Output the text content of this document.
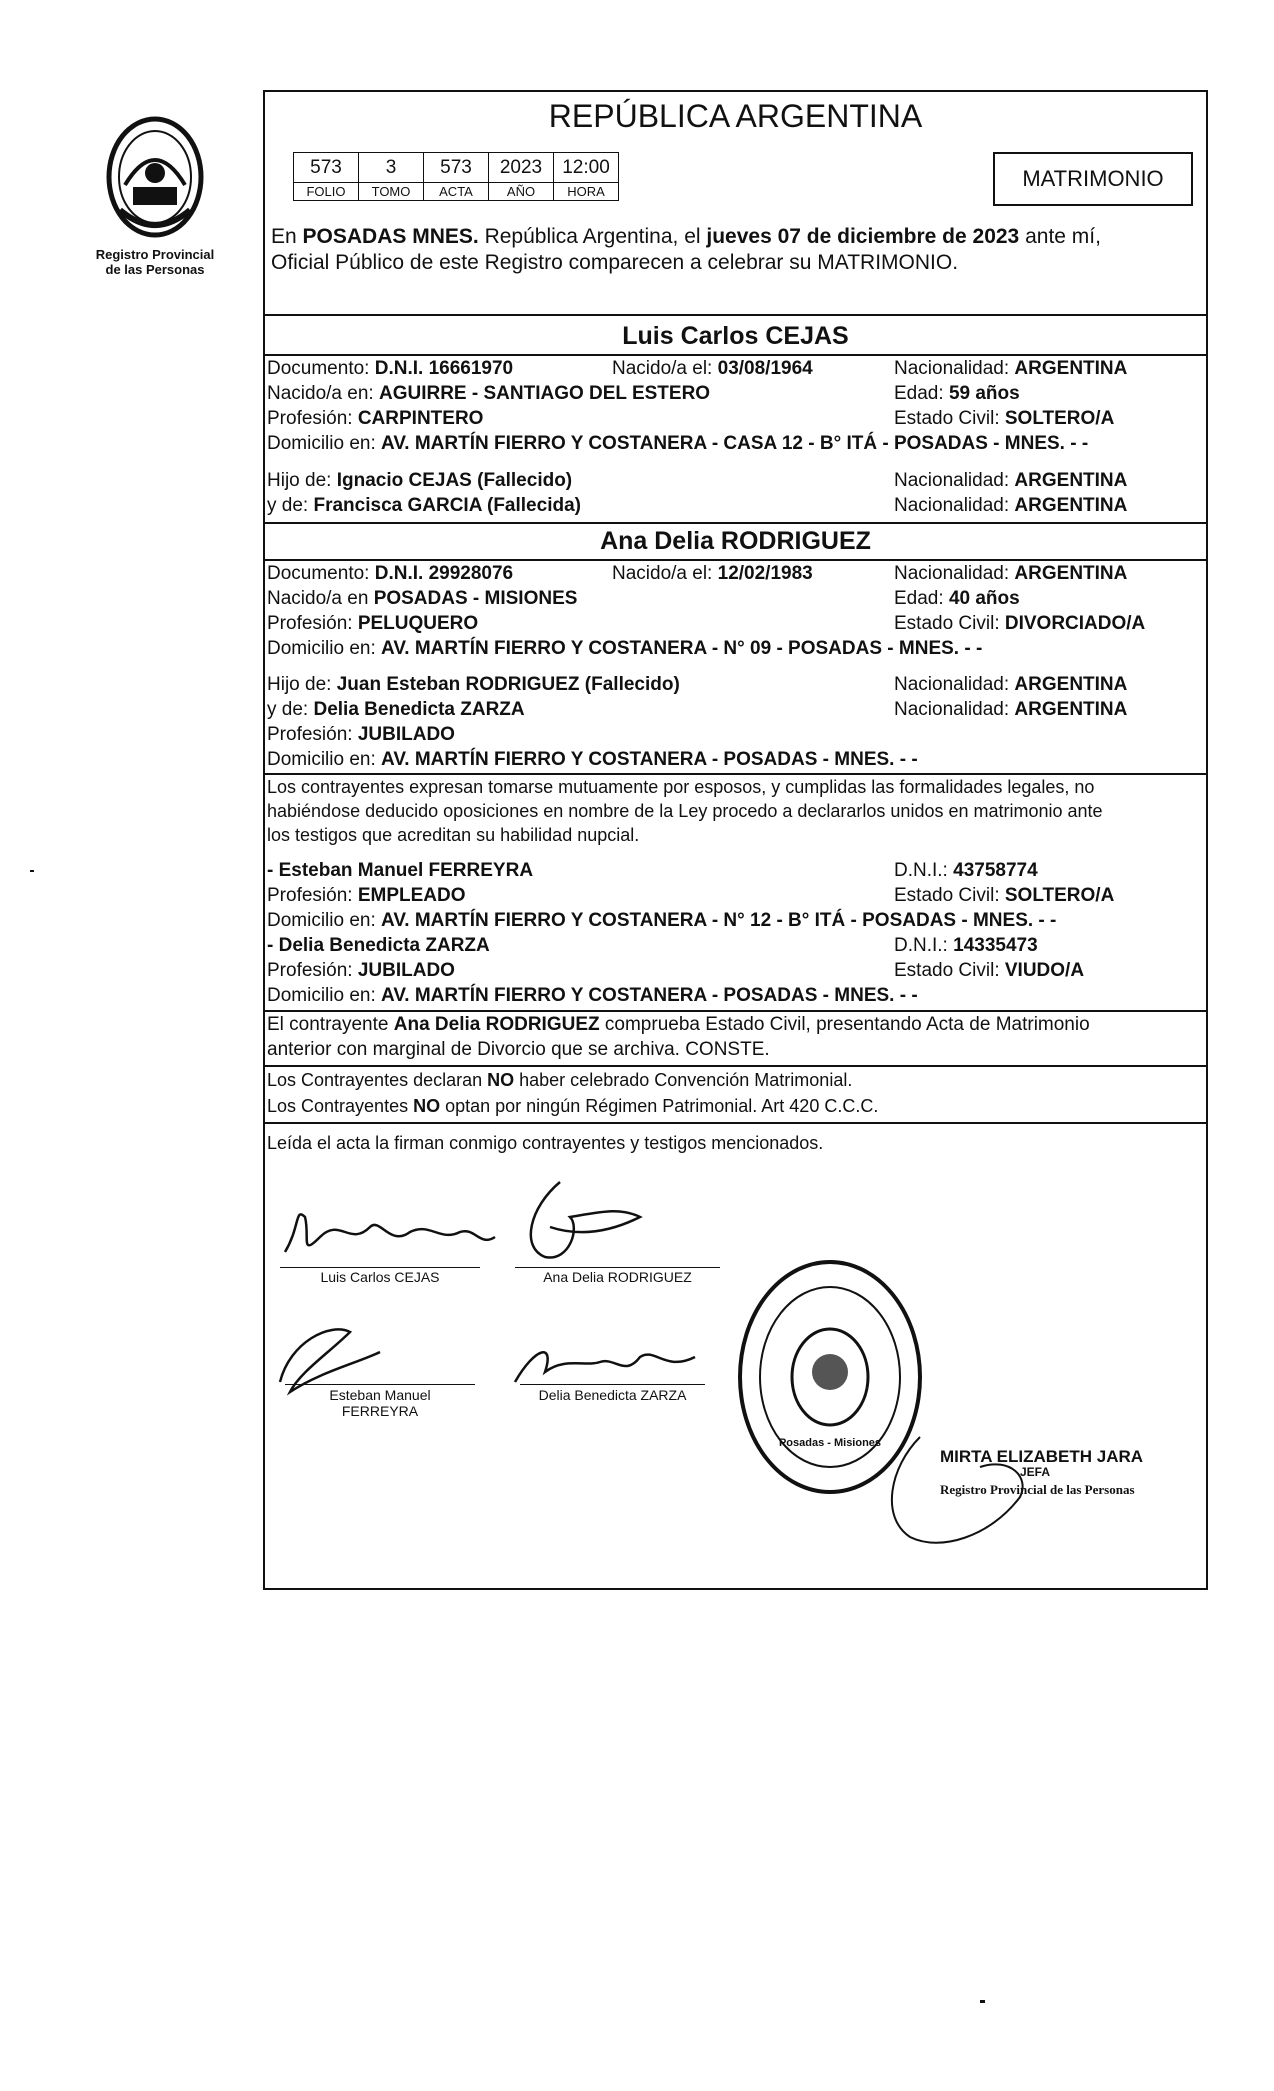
Registro Provincial
de las Personas
REPÚBLICA ARGENTINA
573	3	573	2023	12:00
FOLIO	TOMO	ACTA	AÑO	HORA
MATRIMONIO
En POSADAS MNES. República Argentina, el jueves 07 de diciembre de 2023 ante mí,
Oficial Público de este Registro comparecen a celebrar su MATRIMONIO.
Luis Carlos CEJAS
Documento: D.N.I. 16661970	Nacido/a el: 03/08/1964	Nacionalidad: ARGENTINA
Nacido/a en: AGUIRRE - SANTIAGO DEL ESTERO	Edad: 59 años
Profesión: CARPINTERO	Estado Civil: SOLTERO/A
Domicilio en: AV. MARTÍN FIERRO Y COSTANERA - CASA 12 - B° ITÁ - POSADAS - MNES. - -
Hijo de: Ignacio CEJAS (Fallecido)	Nacionalidad: ARGENTINA
y de: Francisca GARCIA (Fallecida)	Nacionalidad: ARGENTINA
Ana Delia RODRIGUEZ
Documento: D.N.I. 29928076	Nacido/a el: 12/02/1983	Nacionalidad: ARGENTINA
Nacido/a en POSADAS - MISIONES	Edad: 40 años
Profesión: PELUQUERO	Estado Civil: DIVORCIADO/A
Domicilio en: AV. MARTÍN FIERRO Y COSTANERA - N° 09 - POSADAS - MNES. - -
Hijo de: Juan Esteban RODRIGUEZ (Fallecido)	Nacionalidad: ARGENTINA
y de: Delia Benedicta ZARZA	Nacionalidad: ARGENTINA
Profesión: JUBILADO
Domicilio en: AV. MARTÍN FIERRO Y COSTANERA - POSADAS - MNES. - -
Los contrayentes expresan tomarse mutuamente por esposos, y cumplidas las formalidades legales, no
habiéndose deducido oposiciones en nombre de la Ley procedo a declararlos unidos en matrimonio ante
los testigos que acreditan su habilidad nupcial.
- Esteban Manuel FERREYRA	D.N.I.: 43758774
Profesión: EMPLEADO	Estado Civil: SOLTERO/A
Domicilio en: AV. MARTÍN FIERRO Y COSTANERA - N° 12 - B° ITÁ - POSADAS - MNES. - -
- Delia Benedicta ZARZA	D.N.I.: 14335473
Profesión: JUBILADO	Estado Civil: VIUDO/A
Domicilio en: AV. MARTÍN FIERRO Y COSTANERA - POSADAS - MNES. - -
El contrayente Ana Delia RODRIGUEZ comprueba Estado Civil, presentando Acta de Matrimonio
anterior con marginal de Divorcio que se archiva. CONSTE.
Los Contrayentes declaran NO haber celebrado Convención Matrimonial.
Los Contrayentes NO optan por ningún Régimen Patrimonial. Art 420 C.C.C.
Leída el acta la firman conmigo contrayentes y testigos mencionados.
Luis Carlos CEJAS	Ana Delia RODRIGUEZ
Esteban Manuel
FERREYRA
Delia Benedicta ZARZA
Posadas - Misiones
MIRTA ELIZABETH JARA
JEFA
Registro Provincial de las Personas
